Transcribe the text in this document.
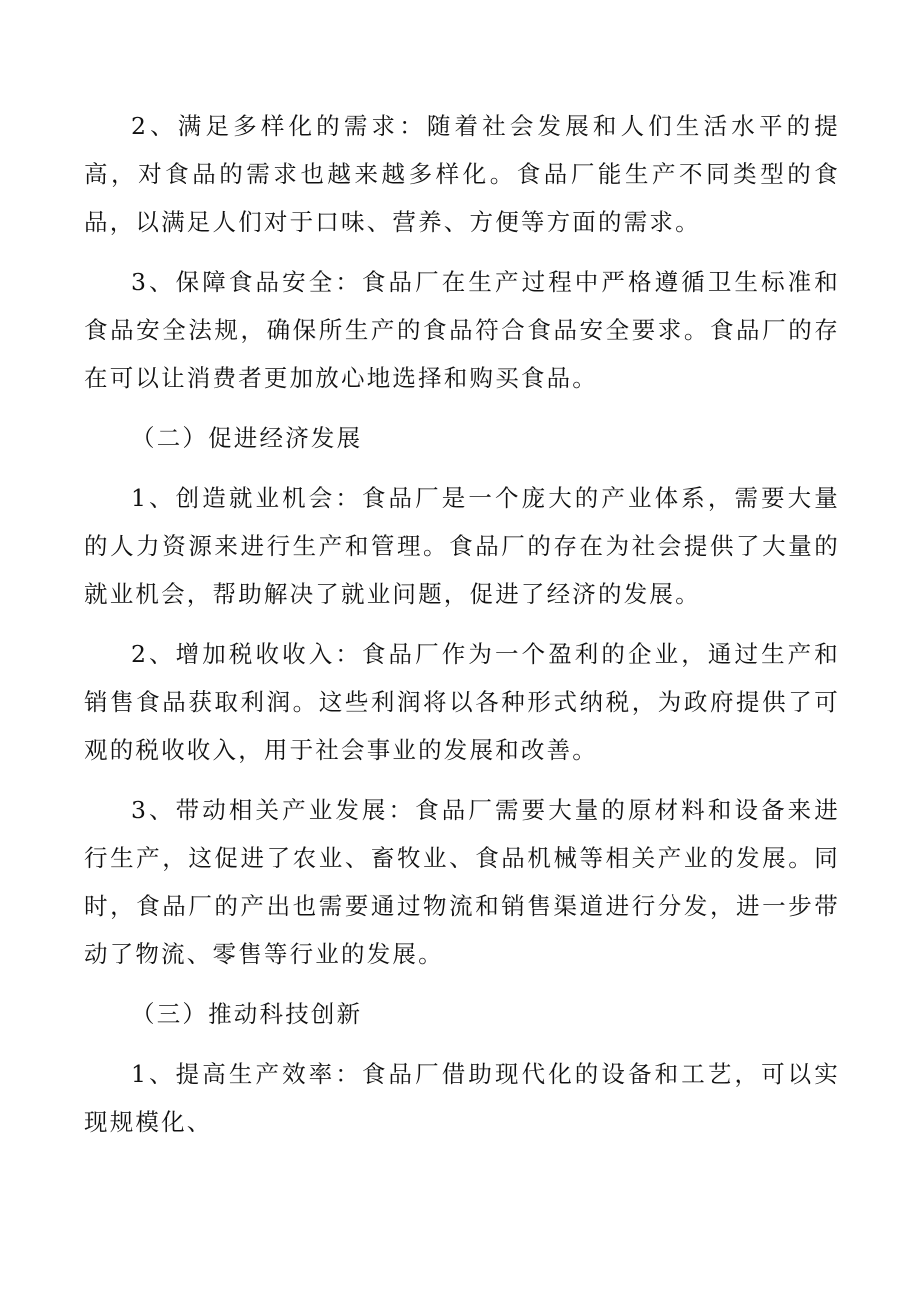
2、满足多样化的需求：随着社会发展和人们生活水平的提高，对食品的需求也越来越多样化。食品厂能生产不同类型的食品，以满足人们对于口味、营养、方便等方面的需求。

3、保障食品安全：食品厂在生产过程中严格遵循卫生标准和食品安全法规，确保所生产的食品符合食品安全要求。食品厂的存在可以让消费者更加放心地选择和购买食品。

（二）促进经济发展

1、创造就业机会：食品厂是一个庞大的产业体系，需要大量的人力资源来进行生产和管理。食品厂的存在为社会提供了大量的就业机会，帮助解决了就业问题，促进了经济的发展。

2、增加税收收入：食品厂作为一个盈利的企业，通过生产和销售食品获取利润。这些利润将以各种形式纳税，为政府提供了可观的税收收入，用于社会事业的发展和改善。

3、带动相关产业发展：食品厂需要大量的原材料和设备来进行生产，这促进了农业、畜牧业、食品机械等相关产业的发展。同时，食品厂的产出也需要通过物流和销售渠道进行分发，进一步带动了物流、零售等行业的发展。

（三）推动科技创新

1、提高生产效率：食品厂借助现代化的设备和工艺，可以实现规模化、
